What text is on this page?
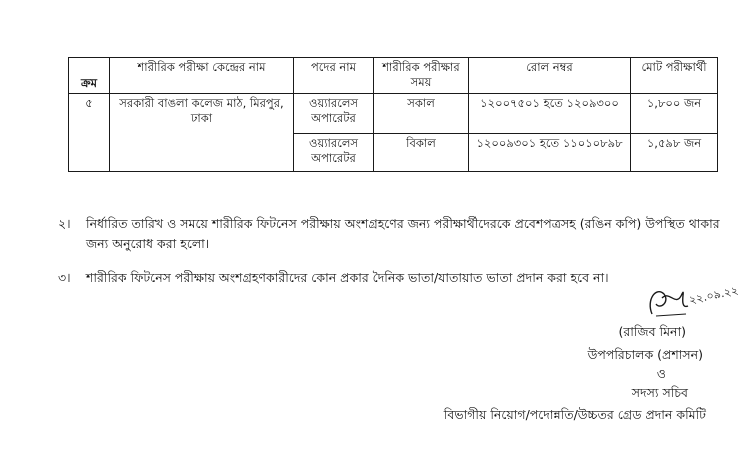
ক্রম	শারীরিক পরীক্ষা কেন্দ্রের নাম	পদের নাম	শারীরিক পরীক্ষার সময়	রোল নম্বর	মোট পরীক্ষার্থী
৫	সরকারী বাঙলা কলেজ মাঠ, মিরপুর, ঢাকা	ওয়্যারলেস অপারেটর	সকাল	১২০০৭৫০১ হতে ১২০৯৩০০	১,৮০০ জন
		ওয়্যারলেস অপারেটর	বিকাল	১২০০৯৩০১ হতে ১১০১০৮৯৮	১,৫৯৮ জন
২। নির্ধারিত তারিখ ও সময়ে শারীরিক ফিটনেস পরীক্ষায় অংশগ্রহণের জন্য পরীক্ষার্থীদেরকে প্রবেশপত্রসহ (রঙিন কপি) উপস্থিত থাকার জন্য অনুরোধ করা হলো।
৩। শারীরিক ফিটনেস পরীক্ষায় অংশগ্রহণকারীদের কোন প্রকার দৈনিক ভাতা/যাতায়াত ভাতা প্রদান করা হবে না।
২২.০৯.২২
(রাজিব মিনা)
উপপরিচালক (প্রশাসন)
ও
সদস্য সচিব
বিভাগীয় নিয়োগ/পদোন্নতি/উচ্চতর গ্রেড প্রদান কমিটি
